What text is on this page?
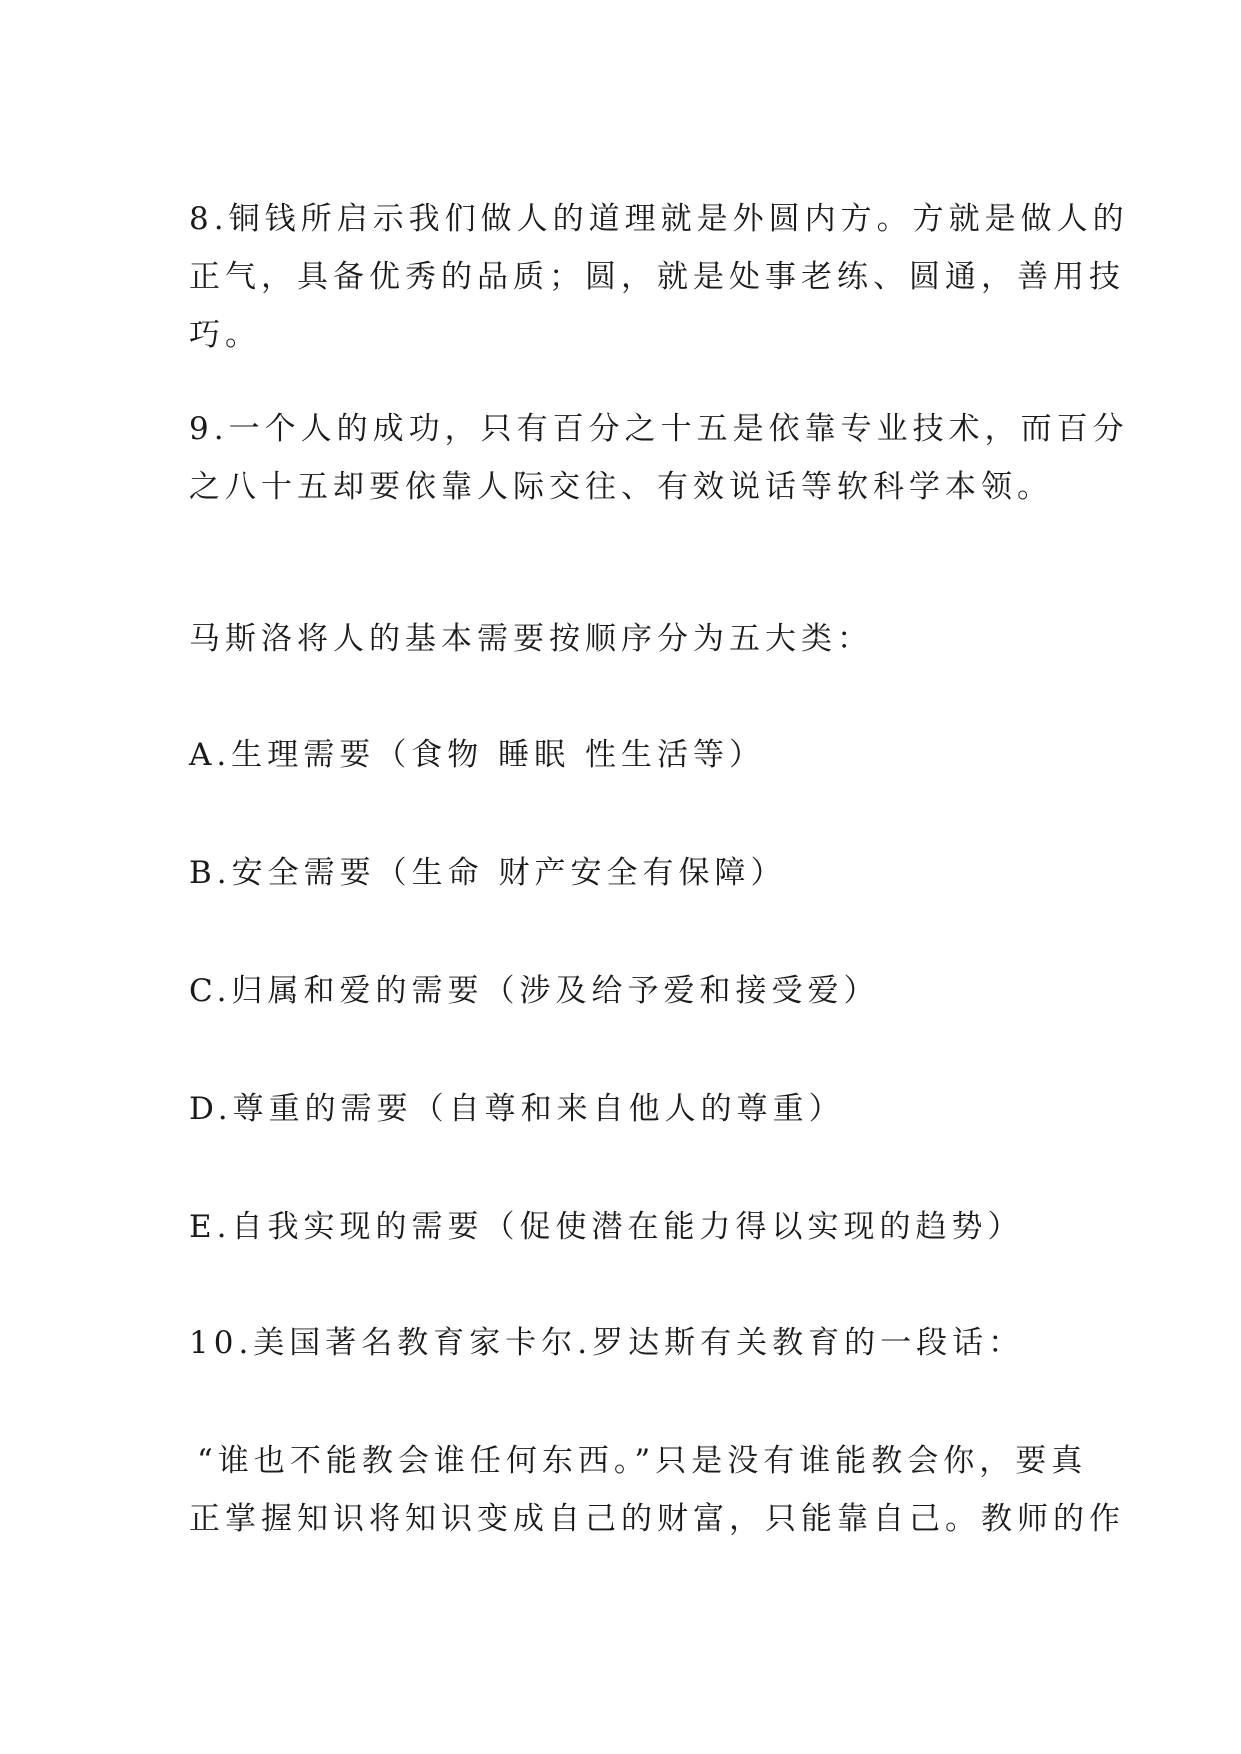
8.铜钱所启示我们做人的道理就是外圆内方。方就是做人的
正气，具备优秀的品质；圆，就是处事老练、圆通，善用技
巧。
9.一个人的成功，只有百分之十五是依靠专业技术，而百分
之八十五却要依靠人际交往、有效说话等软科学本领。
马斯洛将人的基本需要按顺序分为五大类：
A.生理需要（食物 睡眠 性生活等）
B.安全需要（生命 财产安全有保障）
C.归属和爱的需要（涉及给予爱和接受爱）
D.尊重的需要（自尊和来自他人的尊重）
E.自我实现的需要（促使潜在能力得以实现的趋势）
10.美国著名教育家卡尔.罗达斯有关教育的一段话：
“谁也不能教会谁任何东西。”只是没有谁能教会你，要真
正掌握知识将知识变成自己的财富，只能靠自己。教师的作
